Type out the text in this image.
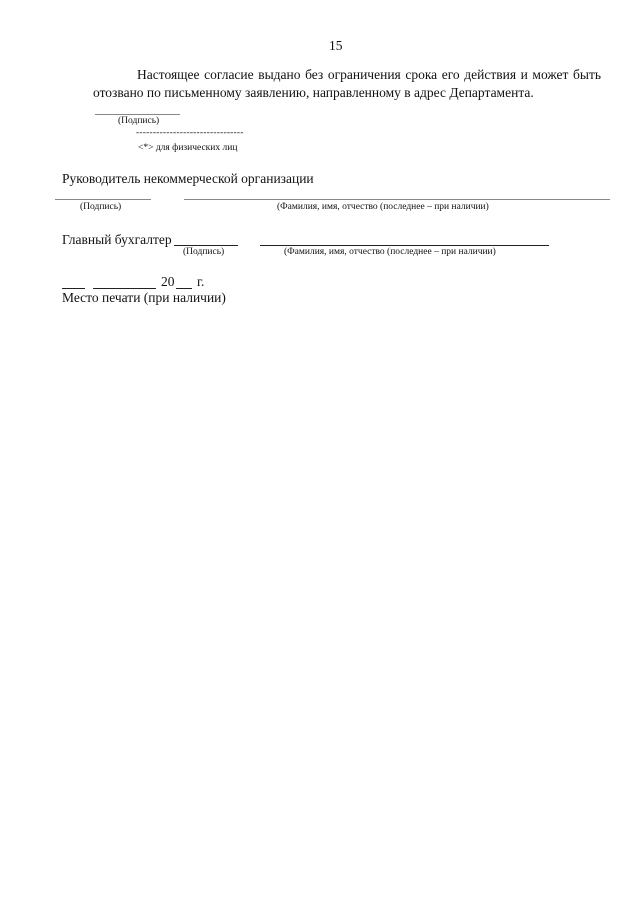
15
Настоящее согласие выдано без ограничения срока его действия и может быть отозвано по письменному заявлению, направленному в адрес Департамента.
(Подпись)
--------------------------------
<*> для физических лиц
Руководитель некоммерческой организации
(Подпись)	(Фамилия, имя, отчество (последнее – при наличии)
Главный бухгалтер
(Подпись)	(Фамилия, имя, отчество (последнее – при наличии)
20 г.
Место печати (при наличии)
